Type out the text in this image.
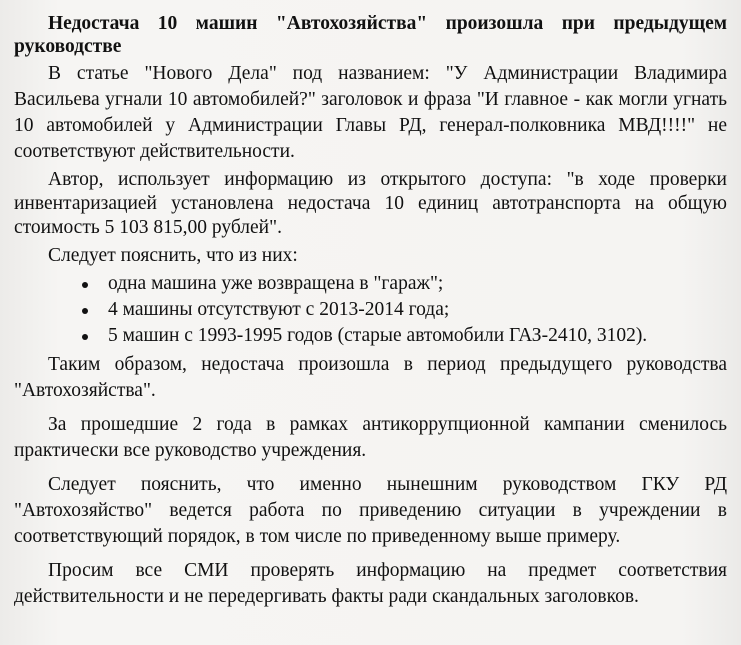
Недостача 10 машин "Автохозяйства" произошла при предыдущем руководстве

В статье "Нового Дела" под названием: "У Администрации Владимира Васильева угнали 10 автомобилей?" заголовок и фраза "И главное - как могли угнать 10 автомобилей у Администрации Главы РД, генерал-полковника МВД!!!!" не соответствуют действительности.

Автор, использует информацию из открытого доступа: "в ходе проверки инвентаризацией установлена недостача 10 единиц автотранспорта на общую стоимость 5 103 815,00 рублей".

Следует пояснить, что из них:

одна машина уже возвращена в "гараж";
4 машины отсутствуют с 2013-2014 года;
5 машин с 1993-1995 годов (старые автомобили ГАЗ-2410, 3102).

Таким образом, недостача произошла в период предыдущего руководства "Автохозяйства".

За прошедшие 2 года в рамках антикоррупционной кампании сменилось практически все руководство учреждения.

Следует пояснить, что именно нынешним руководством ГКУ РД "Автохозяйство" ведется работа по приведению ситуации в учреждении в соответствующий порядок, в том числе по приведенному выше примеру.

Просим все СМИ проверять информацию на предмет соответствия действительности и не передергивать факты ради скандальных заголовков.
